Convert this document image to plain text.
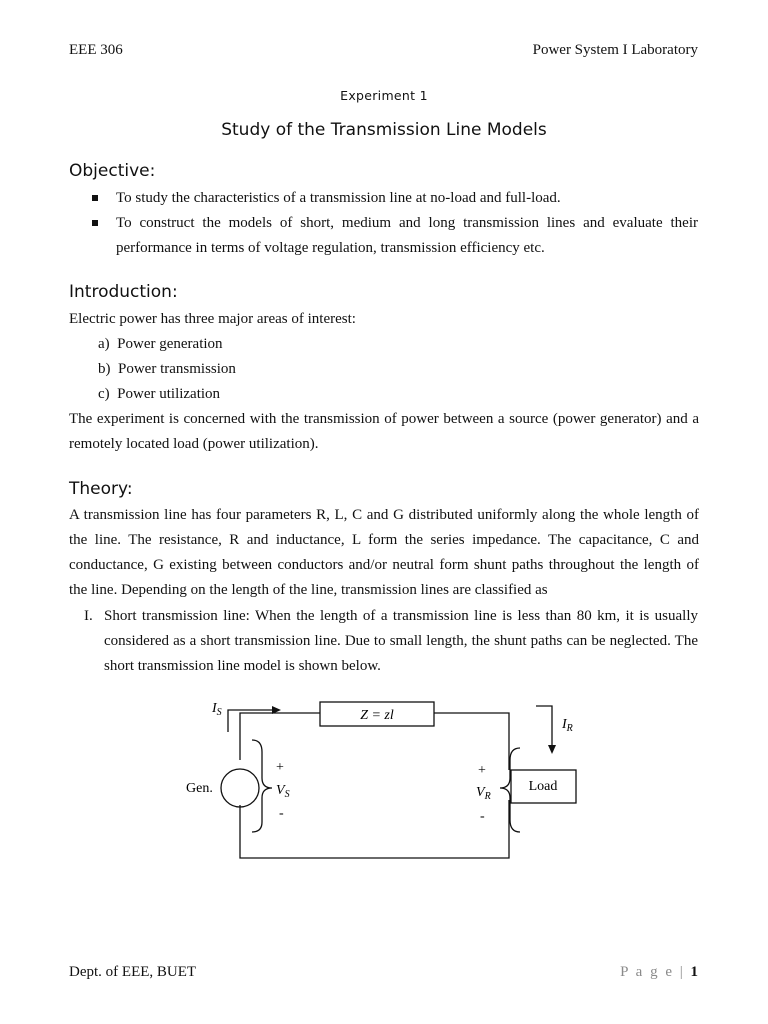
EEE 306	Power System I Laboratory
Experiment 1
Study of the Transmission Line Models
Objective:
To study the characteristics of a transmission line at no-load and full-load.
To construct the models of short, medium and long transmission lines and evaluate their performance in terms of voltage regulation, transmission efficiency etc.
Introduction:
Electric power has three major areas of interest:
a) Power generation
b) Power transmission
c) Power utilization
The experiment is concerned with the transmission of power between a source (power generator) and a remotely located load (power utilization).
Theory:
A transmission line has four parameters R, L, C and G distributed uniformly along the whole length of the line. The resistance, R and inductance, L form the series impedance. The capacitance, C and conductance, G existing between conductors and/or neutral form shunt paths throughout the length of the line. Depending on the length of the line, transmission lines are classified as
I. Short transmission line: When the length of a transmission line is less than 80 km, it is usually considered as a short transmission line. Due to small length, the shunt paths can be neglected. The short transmission line model is shown below.
$I_S$
$I_R$
Z = zl
Gen.
+
$V_S$
-
+
$V_R$
-
Load
Dept. of EEE, BUET	P a g e | 1
